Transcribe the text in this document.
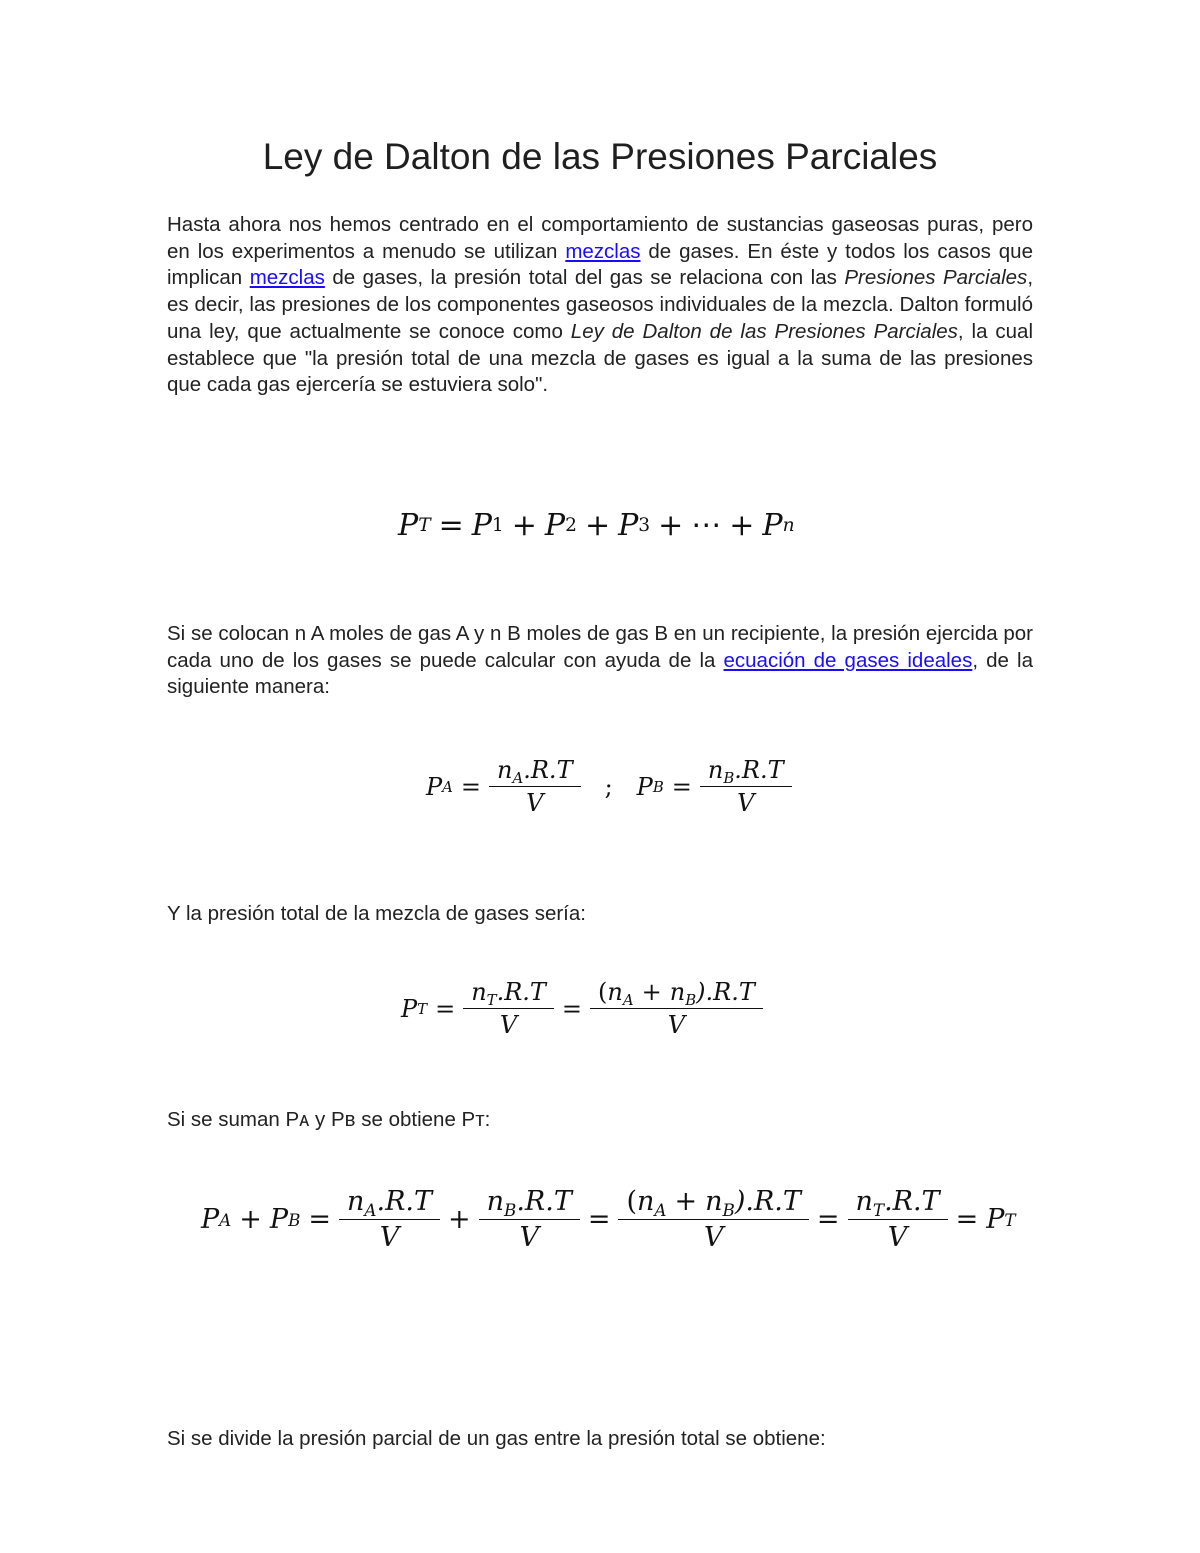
Ley de Dalton de las Presiones Parciales

Hasta ahora nos hemos centrado en el comportamiento de sustancias gaseosas puras, pero en los experimentos a menudo se utilizan mezclas de gases. En éste y todos los casos que implican mezclas de gases, la presión total del gas se relaciona con las Presiones Parciales, es decir, las presiones de los componentes gaseosos individuales de la mezcla. Dalton formuló una ley, que actualmente se conoce como Ley de Dalton de las Presiones Parciales, la cual establece que "la presión total de una mezcla de gases es igual a la suma de las presiones que cada gas ejercería se estuviera solo".

P T = P 1 + P 2 + P 3 + ⋯ + P n

Si se colocan n A moles de gas A y n B moles de gas B en un recipiente, la presión ejercida por cada uno de los gases se puede calcular con ayuda de la ecuación de gases ideales, de la siguiente manera:

P $A = \frac{n_A.R.T}{V}$ ; P $B = \frac{n_B.R.T}{V}$

Y la presión total de la mezcla de gases sería:

P $T = \frac{n_T.R.T}{V} = \frac{(n_A + n_B).R.T}{V}$

Si se suman Pᴀ y Pʙ se obtiene Pᴛ:

P A + P $B = \frac{n_A.R.T}{V} + \frac{n_B.R.T}{V} = \frac{(n_A + n_B).R.T}{V} = \frac{n_T.R.T}{V} = P$ T

Si se divide la presión parcial de un gas entre la presión total se obtiene:
